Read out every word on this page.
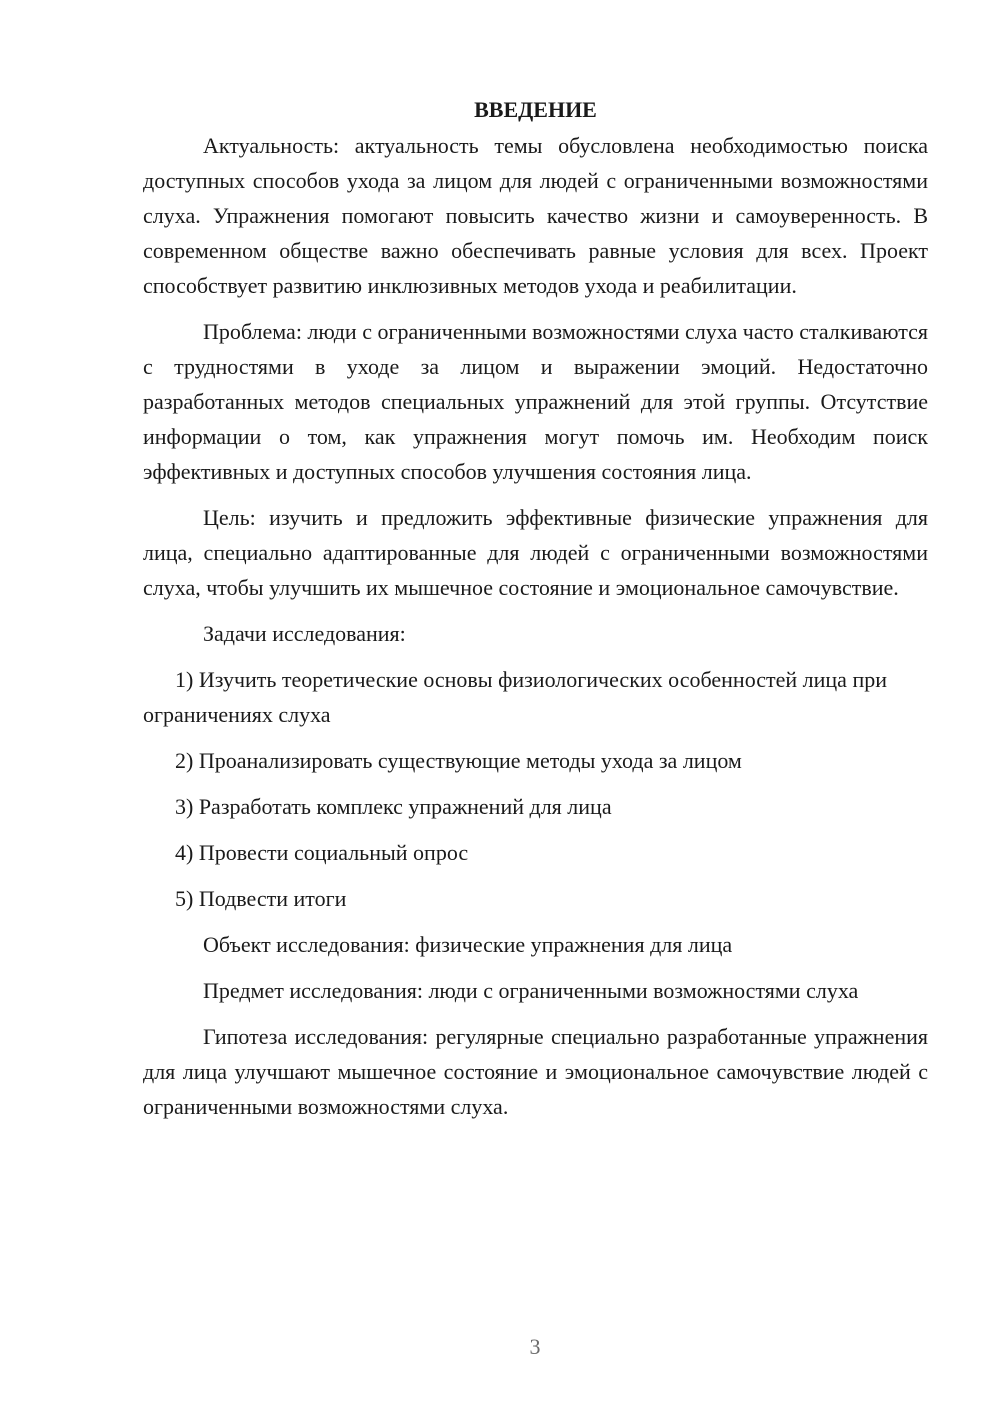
ВВЕДЕНИЕ

Актуальность: актуальность темы обусловлена необходимостью поиска доступных способов ухода за лицом для людей с ограниченными возможностями слуха. Упражнения помогают повысить качество жизни и самоуверенность. В современном обществе важно обеспечивать равные условия для всех. Проект способствует развитию инклюзивных методов ухода и реабилитации.

Проблема: люди с ограниченными возможностями слуха часто сталкиваются с трудностями в уходе за лицом и выражении эмоций. Недостаточно разработанных методов специальных упражнений для этой группы. Отсутствие информации о том, как упражнения могут помочь им. Необходим поиск эффективных и доступных способов улучшения состояния лица.

Цель: изучить и предложить эффективные физические упражнения для лица, специально адаптированные для людей с ограниченными возможностями слуха, чтобы улучшить их мышечное состояние и эмоциональное самочувствие.

Задачи исследования:

1) Изучить теоретические основы физиологических особенностей лица при ограничениях слуха

2) Проанализировать существующие методы ухода за лицом

3) Разработать комплекс упражнений для лица

4) Провести социальный опрос

5) Подвести итоги

Объект исследования: физические упражнения для лица

Предмет исследования: люди с ограниченными возможностями слуха

Гипотеза исследования: регулярные специально разработанные упражнения для лица улучшают мышечное состояние и эмоциональное самочувствие людей с ограниченными возможностями слуха.

3
